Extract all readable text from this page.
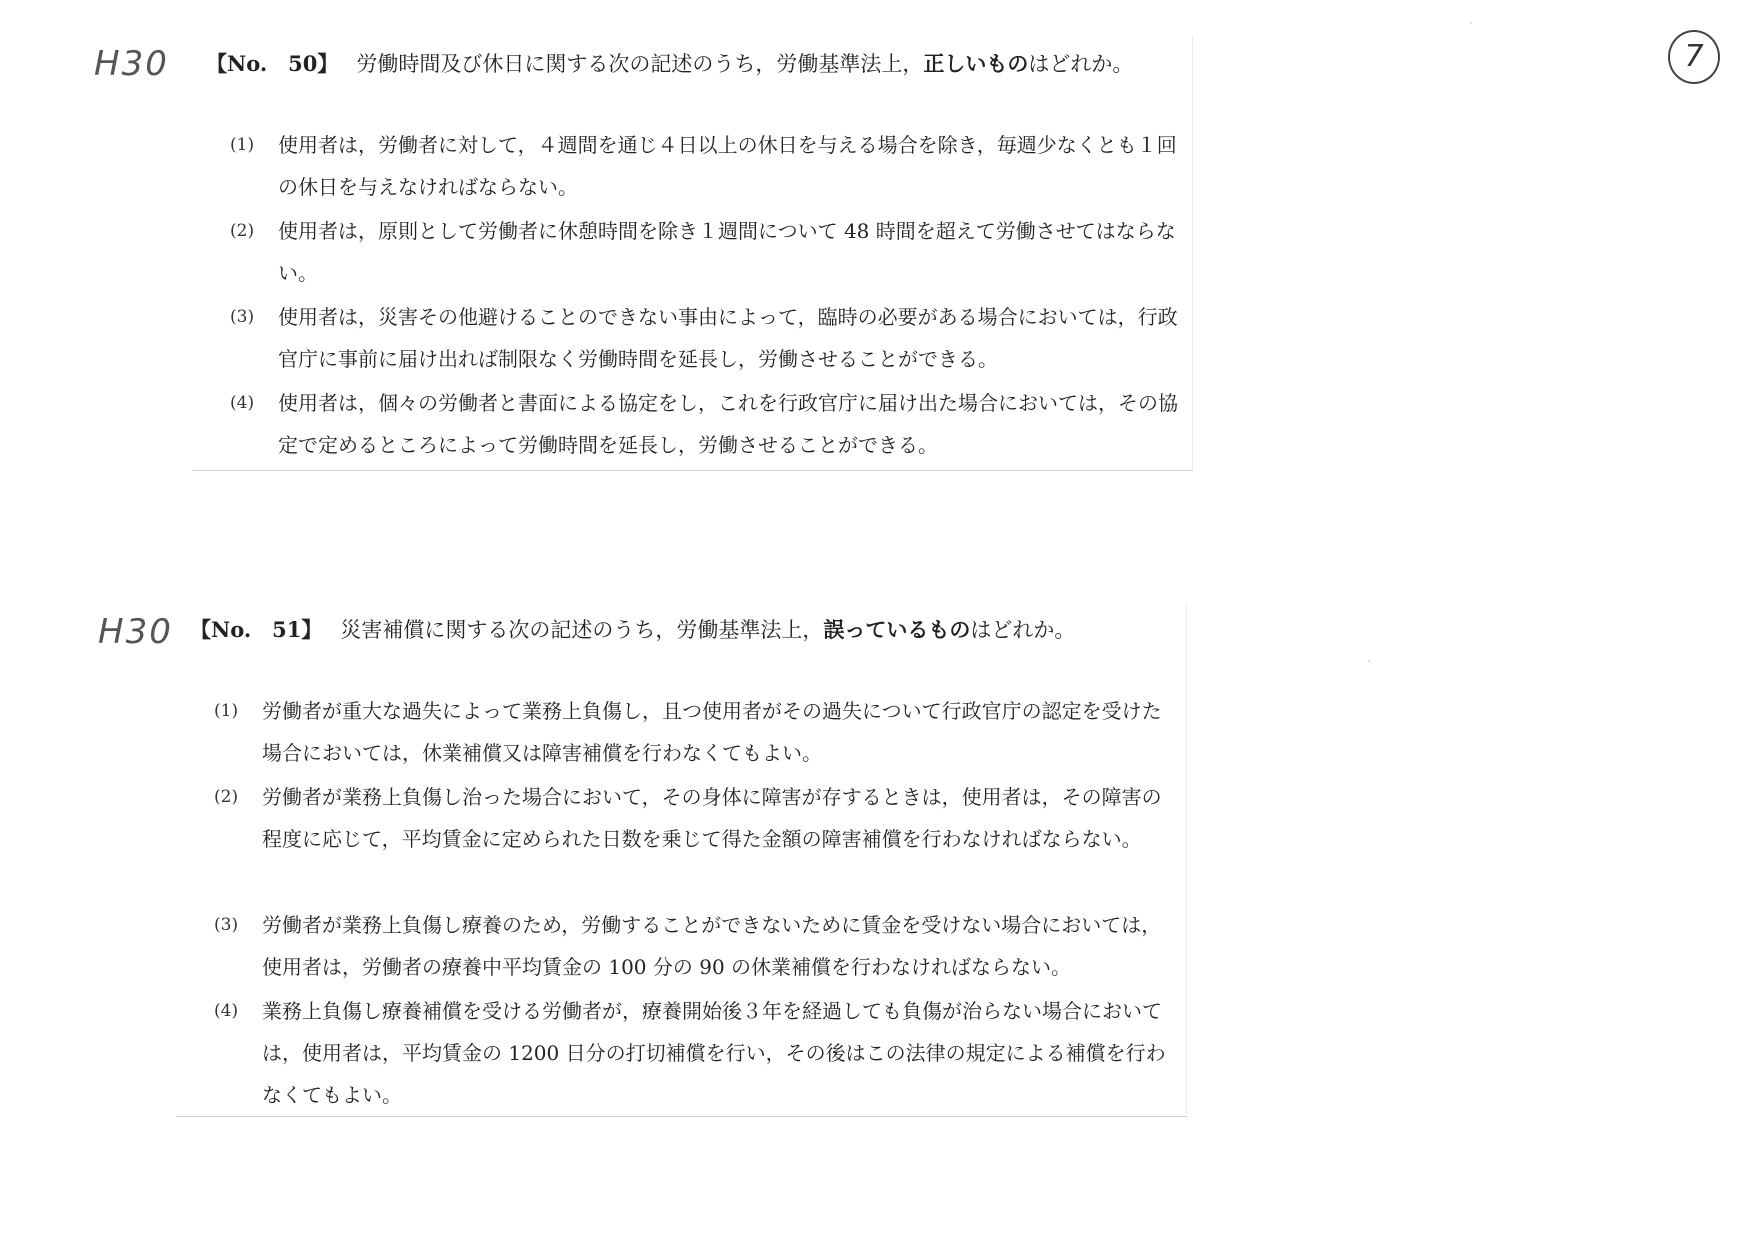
H30
H30
7
【No.　50】 労働時間及び休日に関する次の記述のうち，労働基準法上，正しいものはどれか。
(1) 使用者は，労働者に対して，４週間を通じ４日以上の休日を与える場合を除き，毎週少なくとも１回の休日を与えなければならない。
(2) 使用者は，原則として労働者に休憩時間を除き１週間について 48 時間を超えて労働させてはならない。
(3) 使用者は，災害その他避けることのできない事由によって，臨時の必要がある場合においては，行政官庁に事前に届け出れば制限なく労働時間を延長し，労働させることができる。
(4) 使用者は，個々の労働者と書面による協定をし，これを行政官庁に届け出た場合においては，その協定で定めるところによって労働時間を延長し，労働させることができる。
【No.　51】 災害補償に関する次の記述のうち，労働基準法上，誤っているものはどれか。
(1) 労働者が重大な過失によって業務上負傷し，且つ使用者がその過失について行政官庁の認定を受けた場合においては，休業補償又は障害補償を行わなくてもよい。
(2) 労働者が業務上負傷し治った場合において，その身体に障害が存するときは，使用者は，その障害の程度に応じて，平均賃金に定められた日数を乗じて得た金額の障害補償を行わなければならない。
(3) 労働者が業務上負傷し療養のため，労働することができないために賃金を受けない場合においては，使用者は，労働者の療養中平均賃金の 100 分の 90 の休業補償を行わなければならない。
(4) 業務上負傷し療養補償を受ける労働者が，療養開始後３年を経過しても負傷が治らない場合においては，使用者は，平均賃金の 1200 日分の打切補償を行い，その後はこの法律の規定による補償を行わなくてもよい。
